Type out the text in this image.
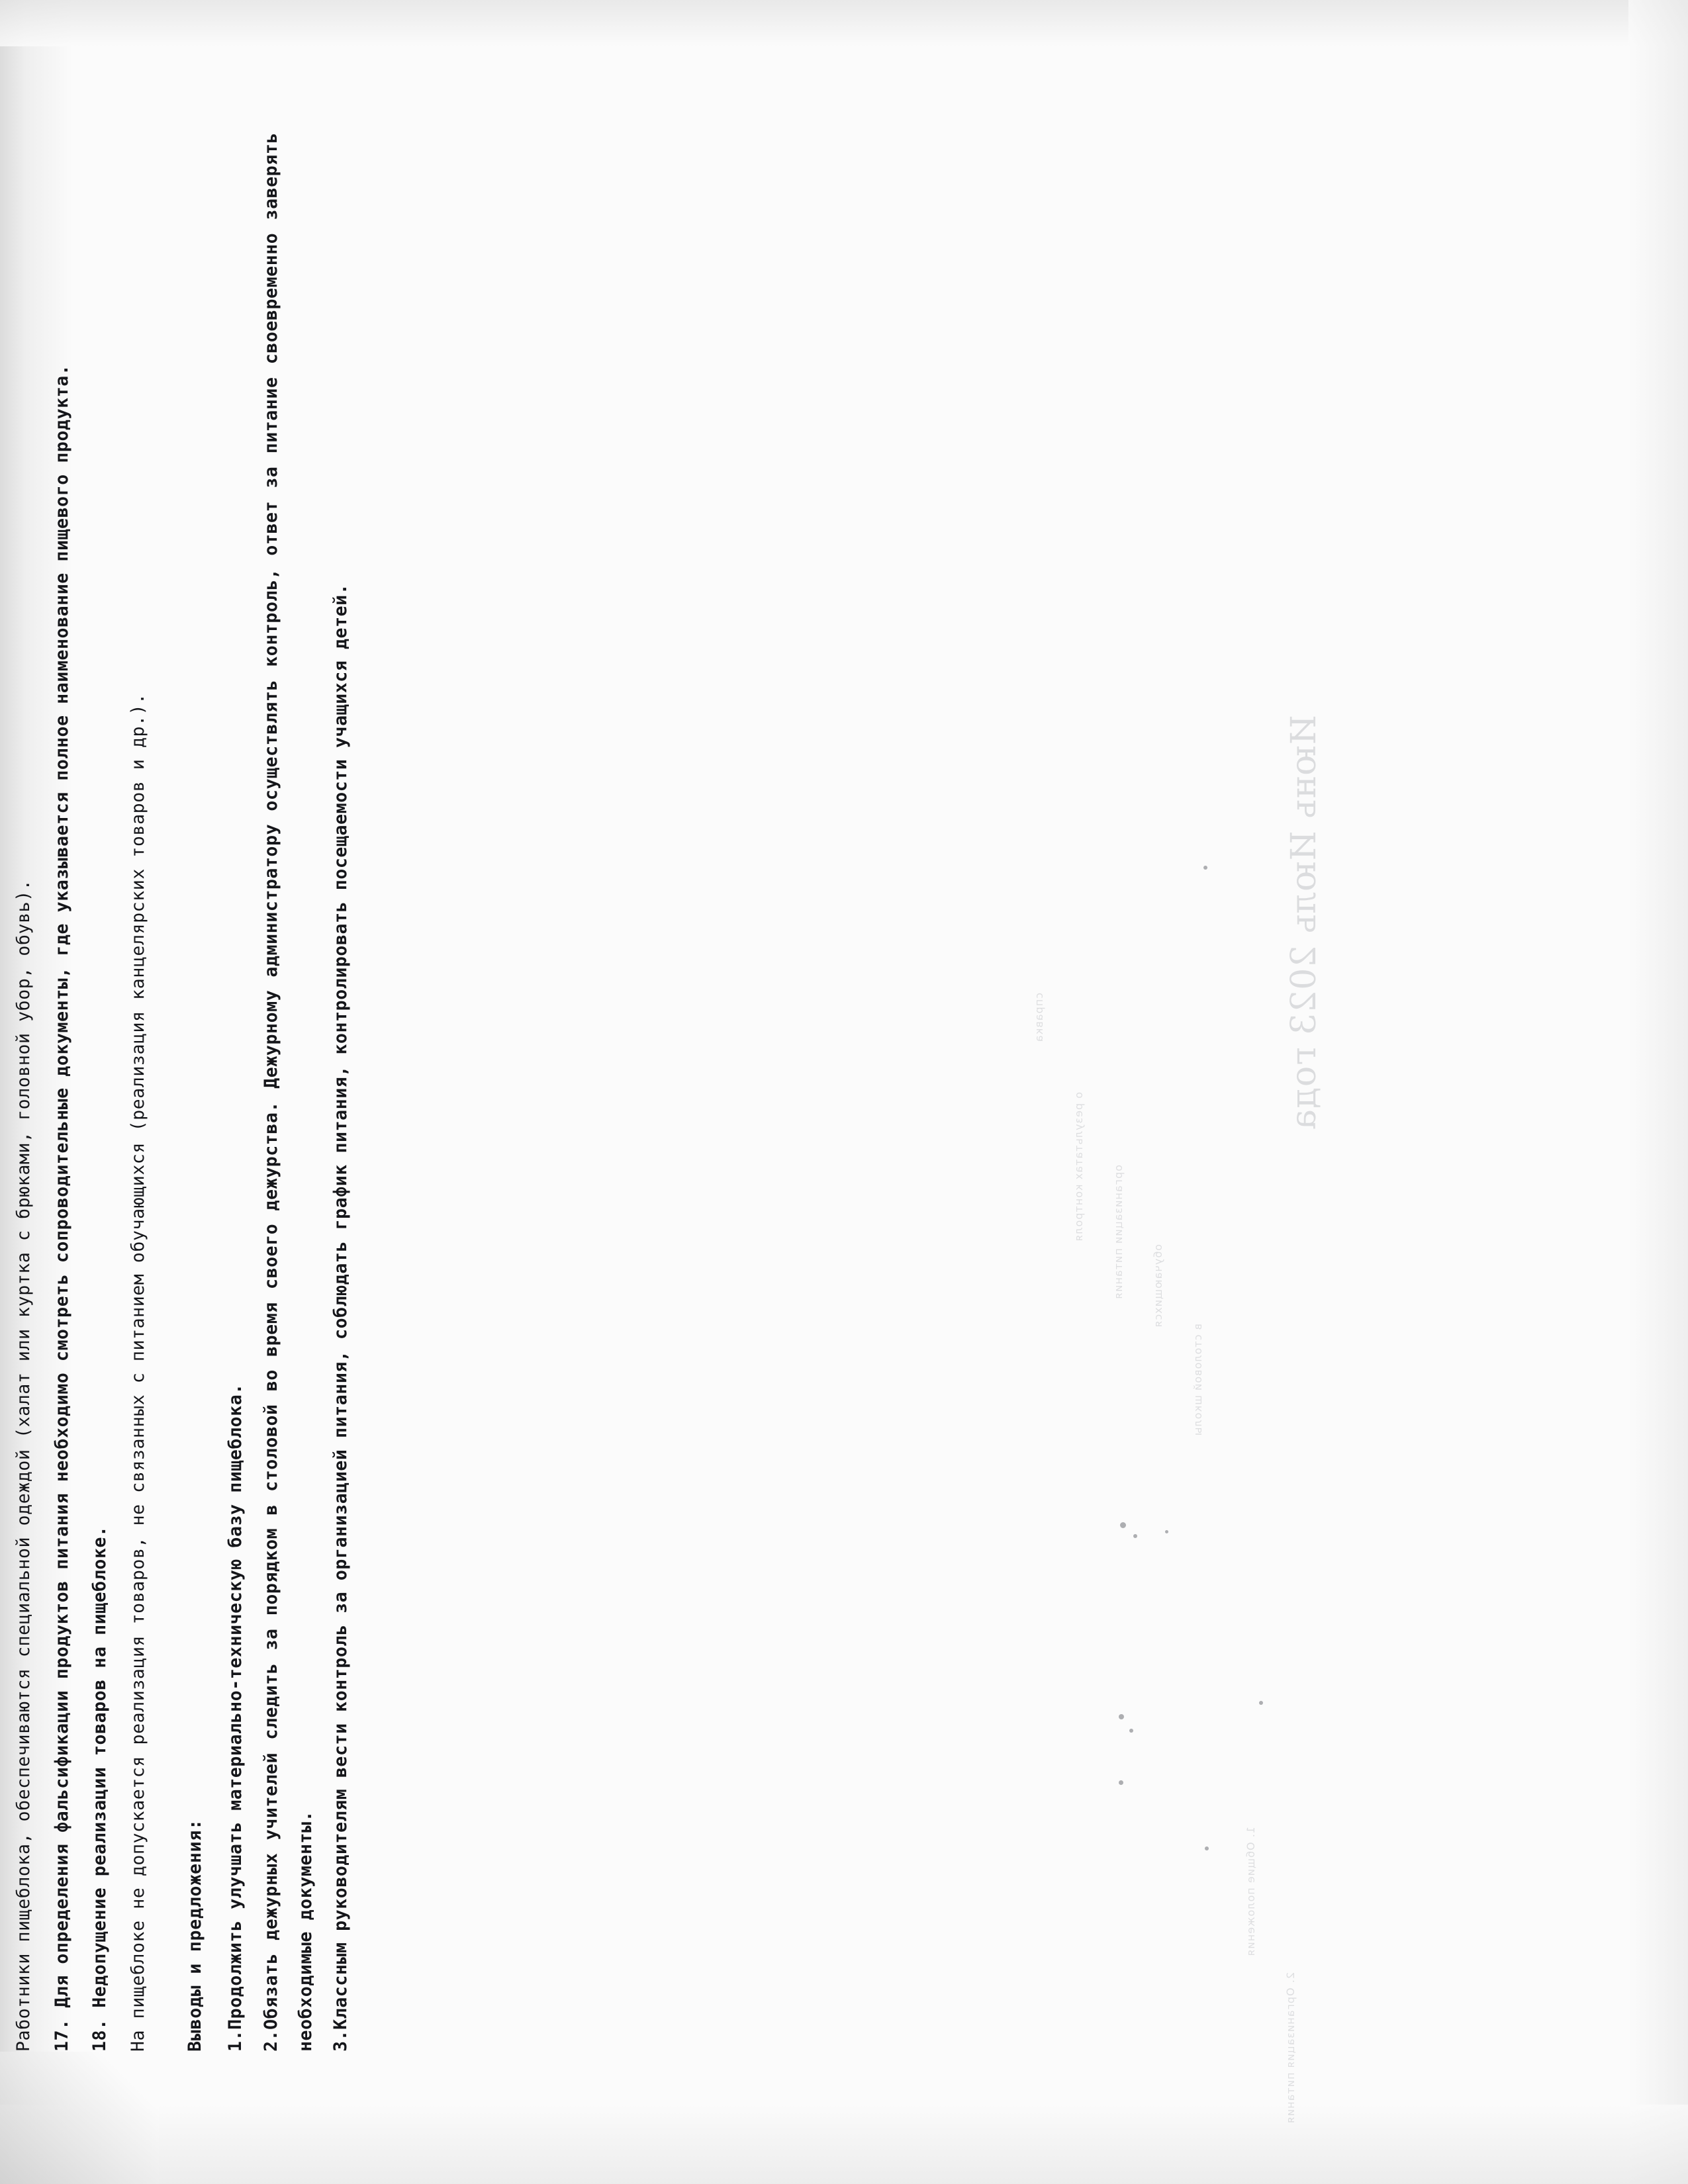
Июнь Июль 2023 года
справка
о результатах контроля	организации питания	обучающихся
в столовой школы
1. Общие положения
2. Организация питания

Работники пищеблока, обеспечиваются специальной одеждой (халат или куртка с брюками, головной убор, обувь).	17. Для определения фальсификации продуктов питания необходимо смотреть сопроводительные документы, где указывается полное наименование пищевого продукта.	18. Недопущение реализации товаров на пищеблоке.	На пищеблоке не допускается реализация товаров, не связанных с питанием обучающихся (реализация канцелярских товаров и др.).	Выводы и предложения:	1.Продолжить улучшать материально-техническую базу пищеблока. 2.Обязать дежурных учителей следить за порядком в столовой во время своего дежурства. Дежурному администратору осуществлять контроль, ответ за питание своевременно заверять необходимые документы. 3.Классным руководителям вести контроль за организацией питания, соблюдать график питания, контролировать посещаемости учащихся детей.
